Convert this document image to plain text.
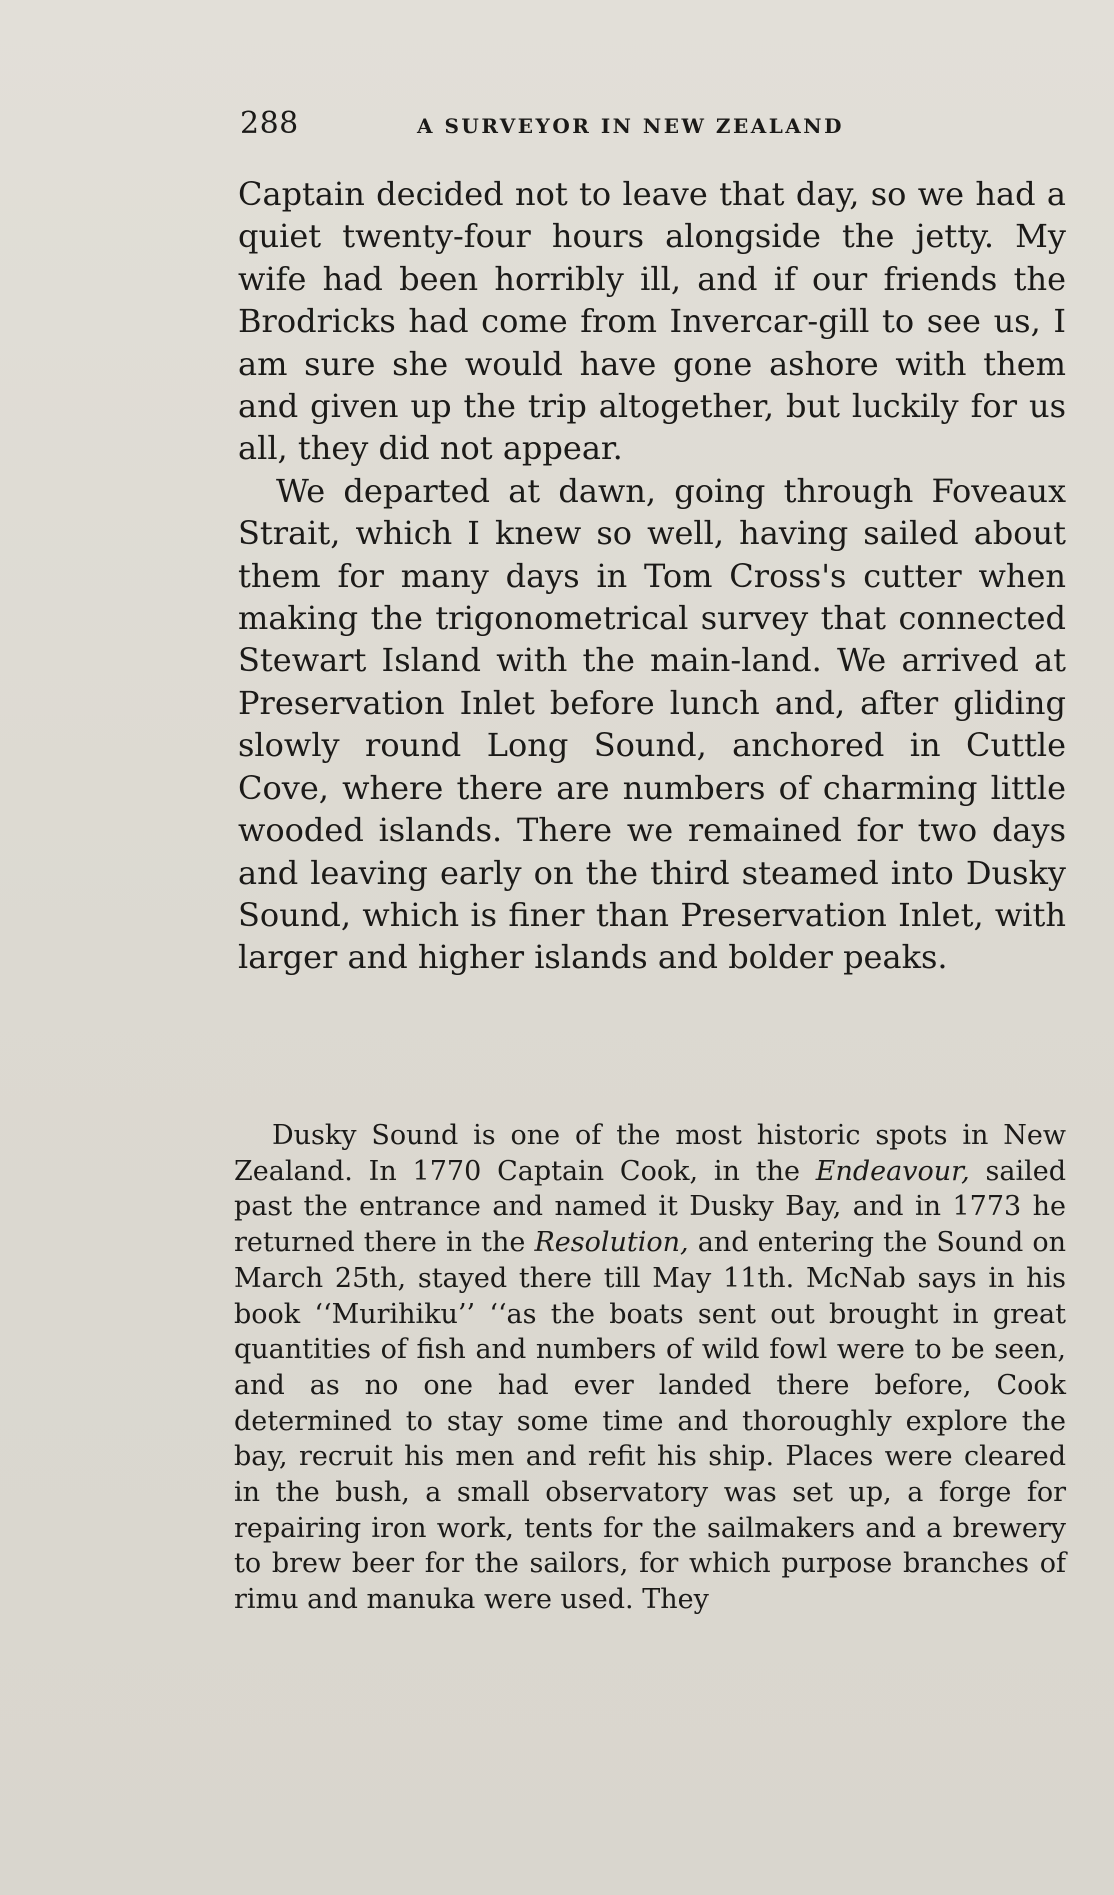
288	A SURVEYOR IN NEW ZEALAND

Captain decided not to leave that day, so we had a quiet twenty-four hours alongside the jetty. My wife had been horribly ill, and if our friends the Brodricks had come from Invercar-gill to see us, I am sure she would have gone ashore with them and given up the trip altogether, but luckily for us all, they did not appear.

We departed at dawn, going through Foveaux Strait, which I knew so well, having sailed about them for many days in Tom Cross's cutter when making the trigonometrical survey that connected Stewart Island with the main-land. We arrived at Preservation Inlet before lunch and, after gliding slowly round Long Sound, anchored in Cuttle Cove, where there are numbers of charming little wooded islands. There we remained for two days and leaving early on the third steamed into Dusky Sound, which is finer than Preservation Inlet, with larger and higher islands and bolder peaks.

Dusky Sound is one of the most historic spots in New Zealand. In 1770 Captain Cook, in the Endeavour, sailed past the entrance and named it Dusky Bay, and in 1773 he returned there in the Resolution, and entering the Sound on March 25th, stayed there till May 11th. McNab says in his book ‘‘Murihiku’’ ‘‘as the boats sent out brought in great quantities of fish and numbers of wild fowl were to be seen, and as no one had ever landed there before, Cook determined to stay some time and thoroughly explore the bay, recruit his men and refit his ship. Places were cleared in the bush, a small observatory was set up, a forge for repairing iron work, tents for the sailmakers and a brewery to brew beer for the sailors, for which purpose branches of rimu and manuka were used. They
